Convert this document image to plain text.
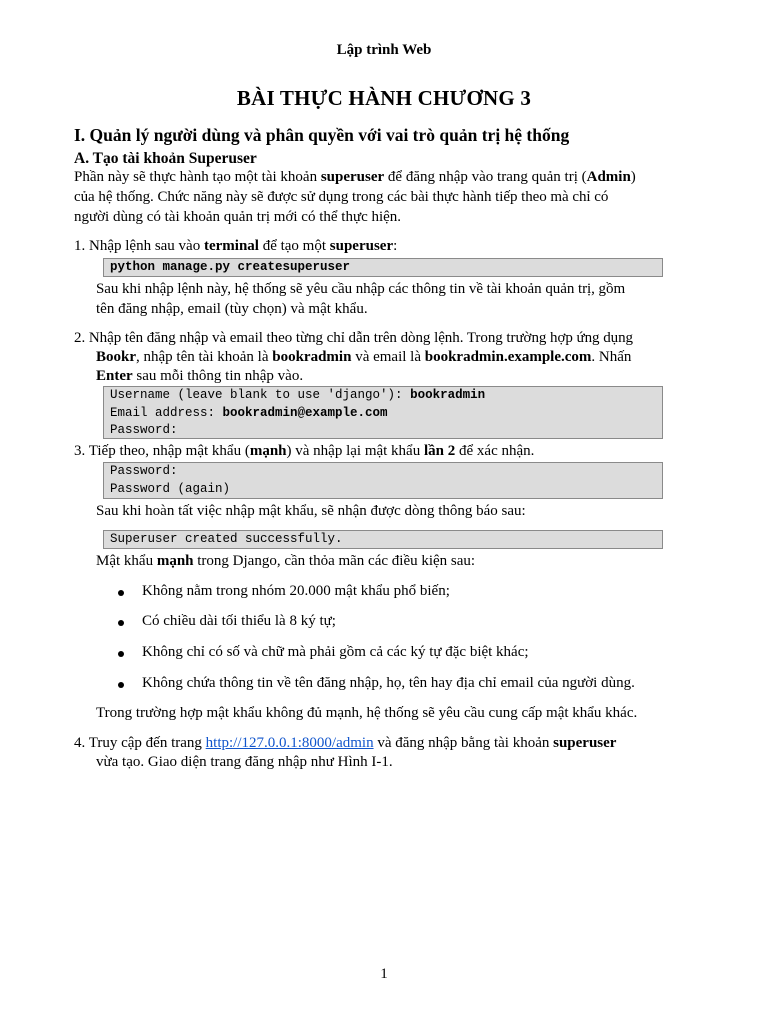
Lập trình Web
BÀI THỰC HÀNH CHƯƠNG 3
I. Quản lý người dùng và phân quyền với vai trò quản trị hệ thống
A. Tạo tài khoản Superuser
Phần này sẽ thực hành tạo một tài khoản superuser để đăng nhập vào trang quản trị (Admin)
của hệ thống. Chức năng này sẽ được sử dụng trong các bài thực hành tiếp theo mà chỉ có
người dùng có tài khoản quản trị mới có thể thực hiện.
1. Nhập lệnh sau vào terminal để tạo một superuser:
python manage.py createsuperuser
Sau khi nhập lệnh này, hệ thống sẽ yêu cầu nhập các thông tin về tài khoản quản trị, gồm
tên đăng nhập, email (tùy chọn) và mật khẩu.
2. Nhập tên đăng nhập và email theo từng chỉ dẫn trên dòng lệnh. Trong trường hợp ứng dụng
Bookr, nhập tên tài khoản là bookradmin và email là bookradmin.example.com. Nhấn
Enter sau mỗi thông tin nhập vào.
Username (leave blank to use 'django'): bookradmin
Email address: bookradmin@example.com
Password:
3. Tiếp theo, nhập mật khẩu (mạnh) và nhập lại mật khẩu lần 2 để xác nhận.
Password:
Password (again)
Sau khi hoàn tất việc nhập mật khẩu, sẽ nhận được dòng thông báo sau:
Superuser created successfully.
Mật khẩu mạnh trong Django, cần thỏa mãn các điều kiện sau:
Không nằm trong nhóm 20.000 mật khẩu phổ biến;
Có chiều dài tối thiểu là 8 ký tự;
Không chỉ có số và chữ mà phải gồm cả các ký tự đặc biệt khác;
Không chứa thông tin về tên đăng nhập, họ, tên hay địa chỉ email của người dùng.
Trong trường hợp mật khẩu không đủ mạnh, hệ thống sẽ yêu cầu cung cấp mật khẩu khác.
4. Truy cập đến trang http://127.0.0.1:8000/admin và đăng nhập bằng tài khoản superuser
vừa tạo. Giao diện trang đăng nhập như Hình I-1.
1
